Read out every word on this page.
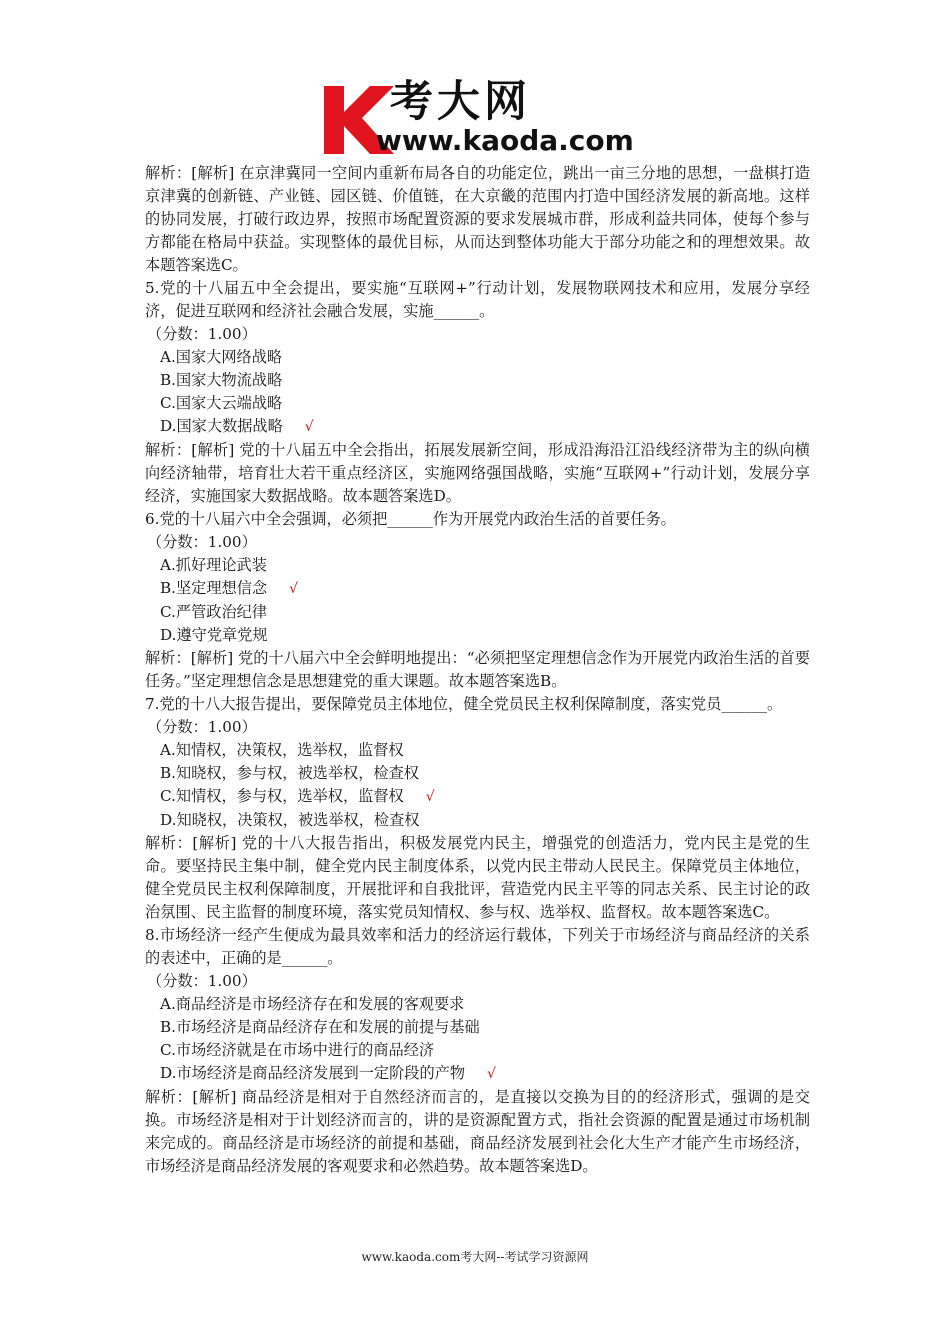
考大网
www.kaoda.com
解析：[解析] 在京津冀同一空间内重新布局各自的功能定位，跳出一亩三分地的思想，一盘棋打造京津冀的创新链、产业链、园区链、价值链，在大京畿的范围内打造中国经济发展的新高地。这样的协同发展，打破行政边界，按照市场配置资源的要求发展城市群，形成利益共同体，使每个参与方都能在格局中获益。实现整体的最优目标，从而达到整体功能大于部分功能之和的理想效果。故本题答案选C。
5.党的十八届五中全会提出，要实施“互联网+”行动计划，发展物联网技术和应用，发展分享经济，促进互联网和经济社会融合发展，实施______。
（分数：1.00）
A.国家大网络战略
B.国家大物流战略
C.国家大云端战略
D.国家大数据战略 √
解析：[解析] 党的十八届五中全会指出，拓展发展新空间，形成沿海沿江沿线经济带为主的纵向横向经济轴带，培育壮大若干重点经济区，实施网络强国战略，实施“互联网+”行动计划，发展分享经济，实施国家大数据战略。故本题答案选D。
6.党的十八届六中全会强调，必须把______作为开展党内政治生活的首要任务。
（分数：1.00）
A.抓好理论武装
B.坚定理想信念 √
C.严管政治纪律
D.遵守党章党规
解析：[解析] 党的十八届六中全会鲜明地提出：“必须把坚定理想信念作为开展党内政治生活的首要任务。”坚定理想信念是思想建党的重大课题。故本题答案选B。
7.党的十八大报告提出，要保障党员主体地位，健全党员民主权利保障制度，落实党员______。
（分数：1.00）
A.知情权，决策权，选举权，监督权
B.知晓权，参与权，被选举权，检查权
C.知情权，参与权，选举权，监督权 √
D.知晓权，决策权，被选举权，检查权
解析：[解析] 党的十八大报告指出，积极发展党内民主，增强党的创造活力，党内民主是党的生命。要坚持民主集中制，健全党内民主制度体系，以党内民主带动人民民主。保障党员主体地位，健全党员民主权利保障制度，开展批评和自我批评，营造党内民主平等的同志关系、民主讨论的政治氛围、民主监督的制度环境，落实党员知情权、参与权、选举权、监督权。故本题答案选C。
8.市场经济一经产生便成为最具效率和活力的经济运行载体，下列关于市场经济与商品经济的关系的表述中，正确的是______。
（分数：1.00）
A.商品经济是市场经济存在和发展的客观要求
B.市场经济是商品经济存在和发展的前提与基础
C.市场经济就是在市场中进行的商品经济
D.市场经济是商品经济发展到一定阶段的产物 √
解析：[解析] 商品经济是相对于自然经济而言的，是直接以交换为目的的经济形式，强调的是交换。市场经济是相对于计划经济而言的，讲的是资源配置方式，指社会资源的配置是通过市场机制来完成的。商品经济是市场经济的前提和基础，商品经济发展到社会化大生产才能产生市场经济，市场经济是商品经济发展的客观要求和必然趋势。故本题答案选D。
www.kaoda.com考大网--考试学习资源网
